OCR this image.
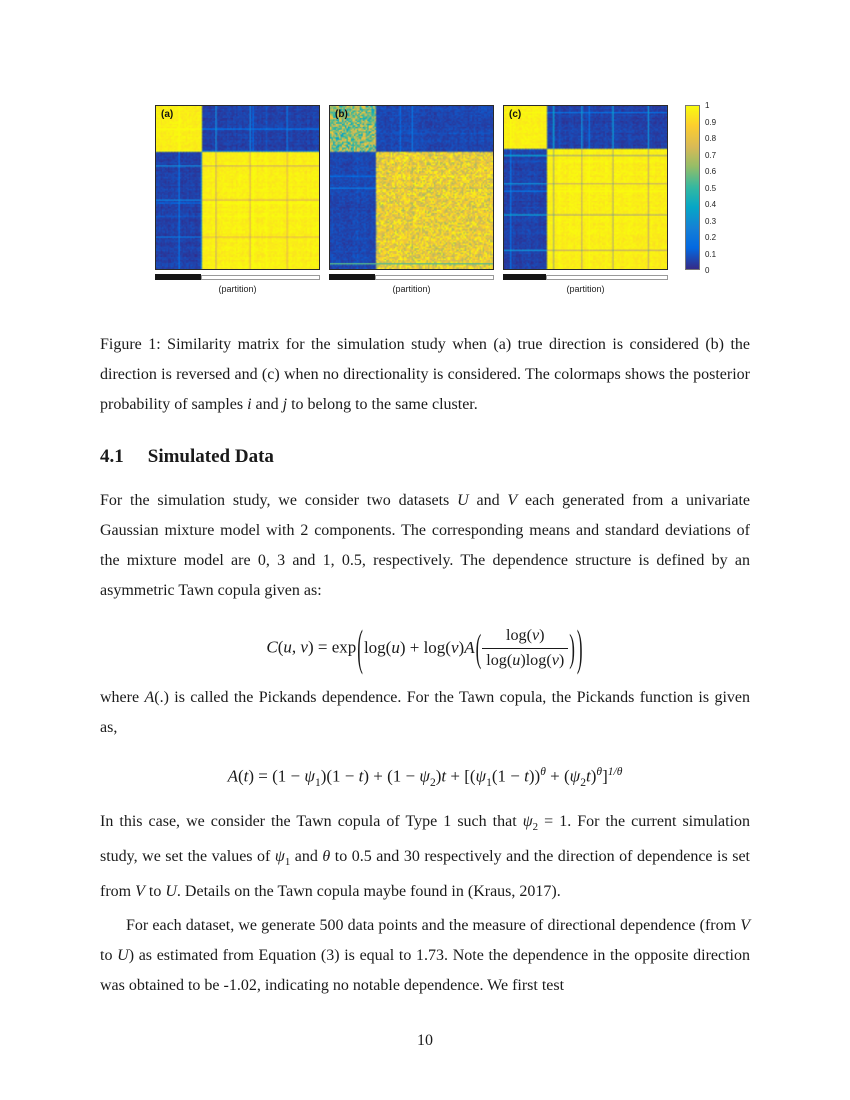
(a)
(partition)
(b)
(partition)
(c)
(partition)
1
0.9
0.8
0.7
0.6
0.5
0.4
0.3
0.2
0.1
0
Figure 1: Similarity matrix for the simulation study when (a) true direction is considered (b) the direction is reversed and (c) when no directionality is considered. The colormaps shows the posterior probability of samples i and j to belong to the same cluster.
4.1 Simulated Data

For the simulation study, we consider two datasets U and V each generated from a univariate Gaussian mixture model with 2 components. The corresponding means and standard deviations of the mixture model are 0, 3 and 1, 0.5, respectively. The dependence structure is defined by an asymmetric Tawn copula given as:

C(u, $v) = \exp(\log(u) + \log(v)A( \frac{\log(v)}{\log(u)\log(v)}$ ) )

where A(.) is called the Pickands dependence. For the Tawn copula, the Pickands function is given as,

$A(t) = (1 - \psi_1)(1 - t) + (1 - \psi_2)t + [(\psi_1(1 - t))^\theta + (\psi_2t)^\theta]^{1/\theta}$

In this case, we consider the Tawn copula of Type 1 such that $\psi_2 = 1$. For the current simulation study, we set the values of $\psi_1$ and θ to 0.5 and 30 respectively and the direction of dependence is set from V to U. Details on the Tawn copula maybe found in (Kraus, 2017).

For each dataset, we generate 500 data points and the measure of directional dependence (from V to U) as estimated from Equation (3) is equal to 1.73. Note the dependence in the opposite direction was obtained to be -1.02, indicating no notable dependence. We first test

10
